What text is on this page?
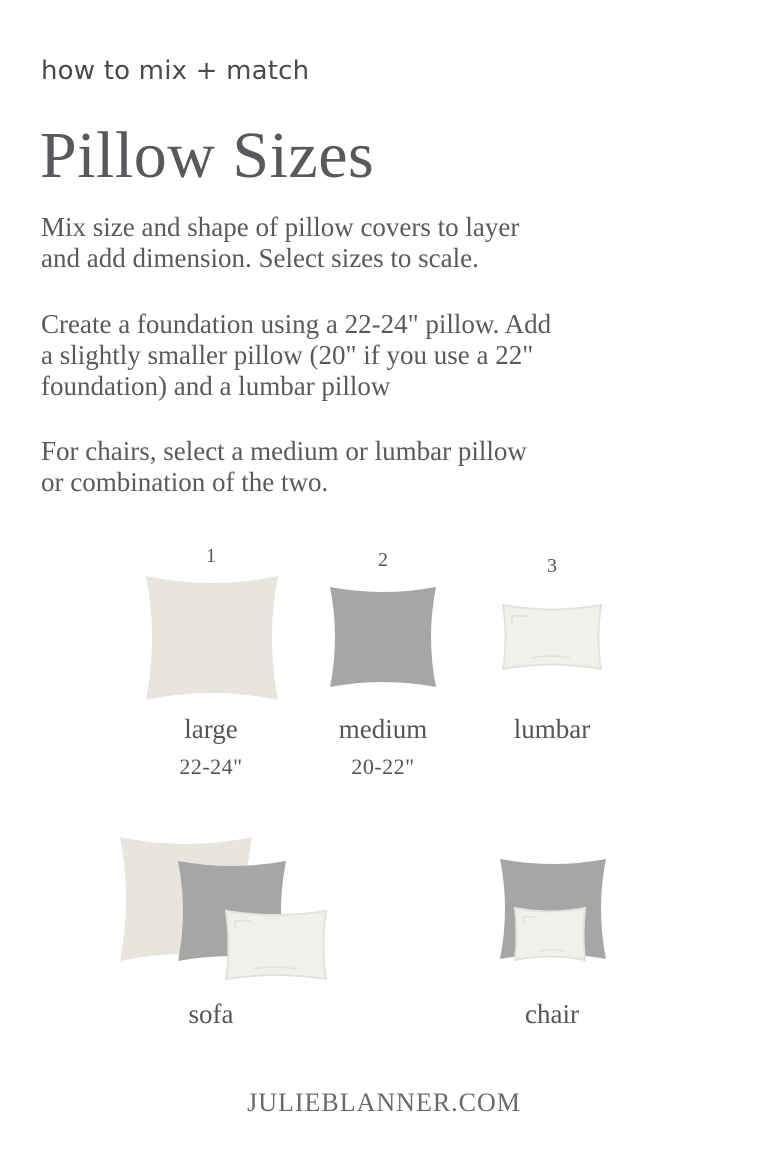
how to mix + match
Pillow Sizes

Mix size and shape of pillow covers to layer
and add dimension. Select sizes to scale.

Create a foundation using a 22-24" pillow. Add
a slightly smaller pillow (20" if you use a 22"
foundation) and a lumbar pillow

For chairs, select a medium or lumbar pillow
or combination of the two.

1
large
22-24"
2
medium
20-22"
3
lumbar
sofa	chair
JULIEBLANNER.COM
